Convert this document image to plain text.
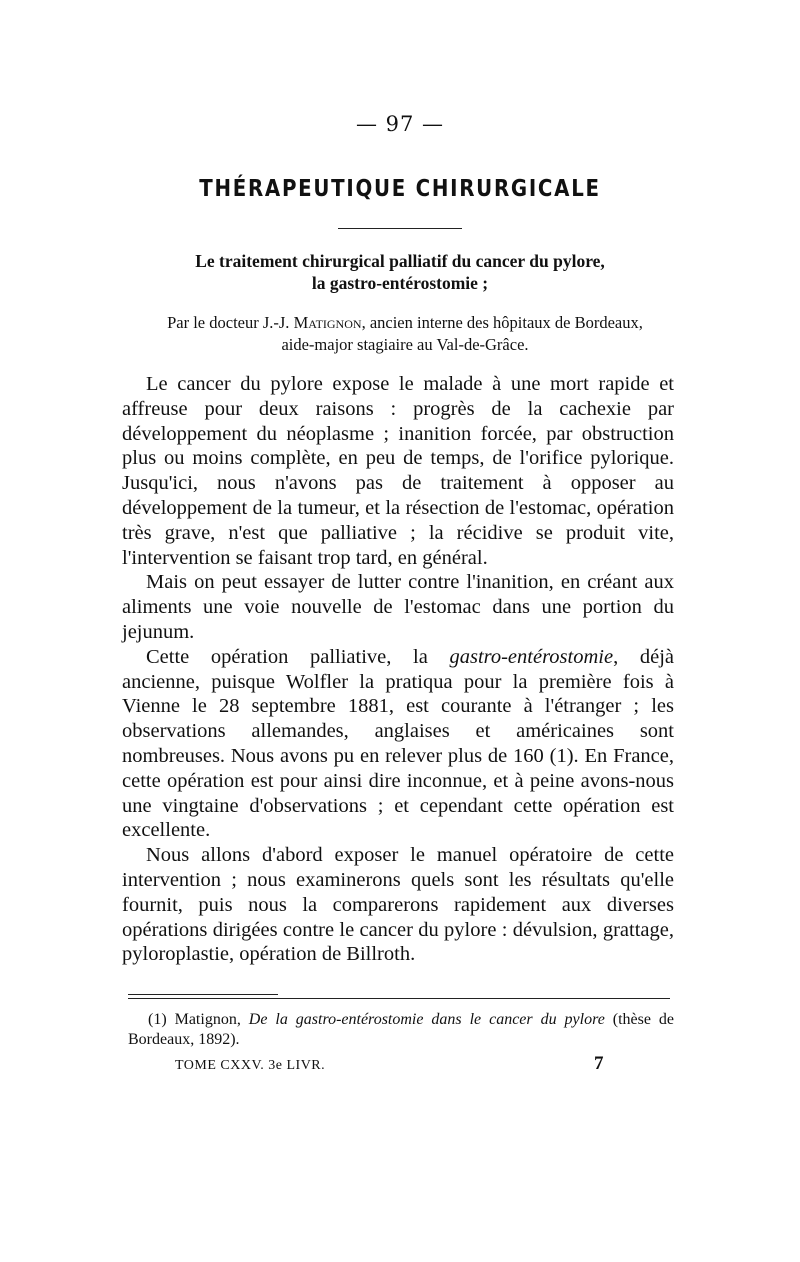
— 97 —
THÉRAPEUTIQUE CHIRURGICALE
Le traitement chirurgical palliatif du cancer du pylore,
la gastro-entérostomie ;
Par le docteur J.-J. Matignon, ancien interne des hôpitaux de Bordeaux,
aide-major stagiaire au Val-de-Grâce.

Le cancer du pylore expose le malade à une mort rapide et affreuse pour deux raisons : progrès de la cachexie par développement du néoplasme ; inanition forcée, par obstruction plus ou moins complète, en peu de temps, de l'orifice pylorique. Jusqu'ici, nous n'avons pas de traitement à opposer au développement de la tumeur, et la résection de l'estomac, opération très grave, n'est que palliative ; la récidive se produit vite, l'intervention se faisant trop tard, en général.

Mais on peut essayer de lutter contre l'inanition, en créant aux aliments une voie nouvelle de l'estomac dans une portion du jejunum.

Cette opération palliative, la gastro-entérostomie, déjà ancienne, puisque Wolfler la pratiqua pour la première fois à Vienne le 28 septembre 1881, est courante à l'étranger ; les observations allemandes, anglaises et américaines sont nombreuses. Nous avons pu en relever plus de 160 (1). En France, cette opération est pour ainsi dire inconnue, et à peine avons-nous une vingtaine d'observations ; et cependant cette opération est excellente.

Nous allons d'abord exposer le manuel opératoire de cette intervention ; nous examinerons quels sont les résultats qu'elle fournit, puis nous la comparerons rapidement aux diverses opérations dirigées contre le cancer du pylore : dévulsion, grattage, pyloroplastie, opération de Billroth.

(1) Matignon, De la gastro-entérostomie dans le cancer du pylore (thèse de Bordeaux, 1892).

TOME CXXV. 3e LIVR.	7
